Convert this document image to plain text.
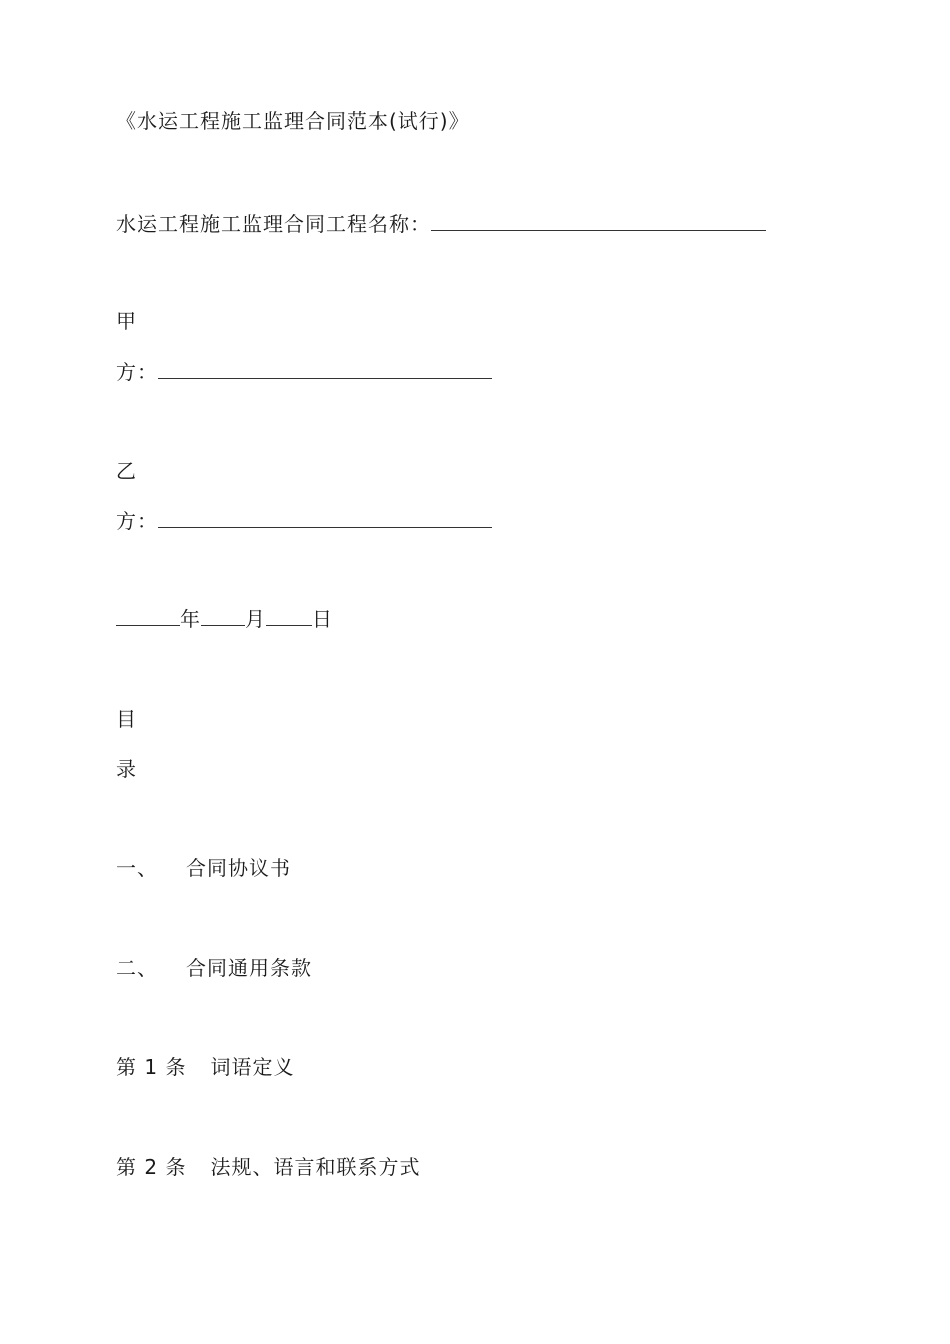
《水运工程施工监理合同范本(试行)》
水运工程施工监理合同工程名称：
甲
方：
乙
方：
年 月 日
目
录
一、 合同协议书
二、 合同通用条款
第 1 条 词语定义
第 2 条 法规、语言和联系方式
